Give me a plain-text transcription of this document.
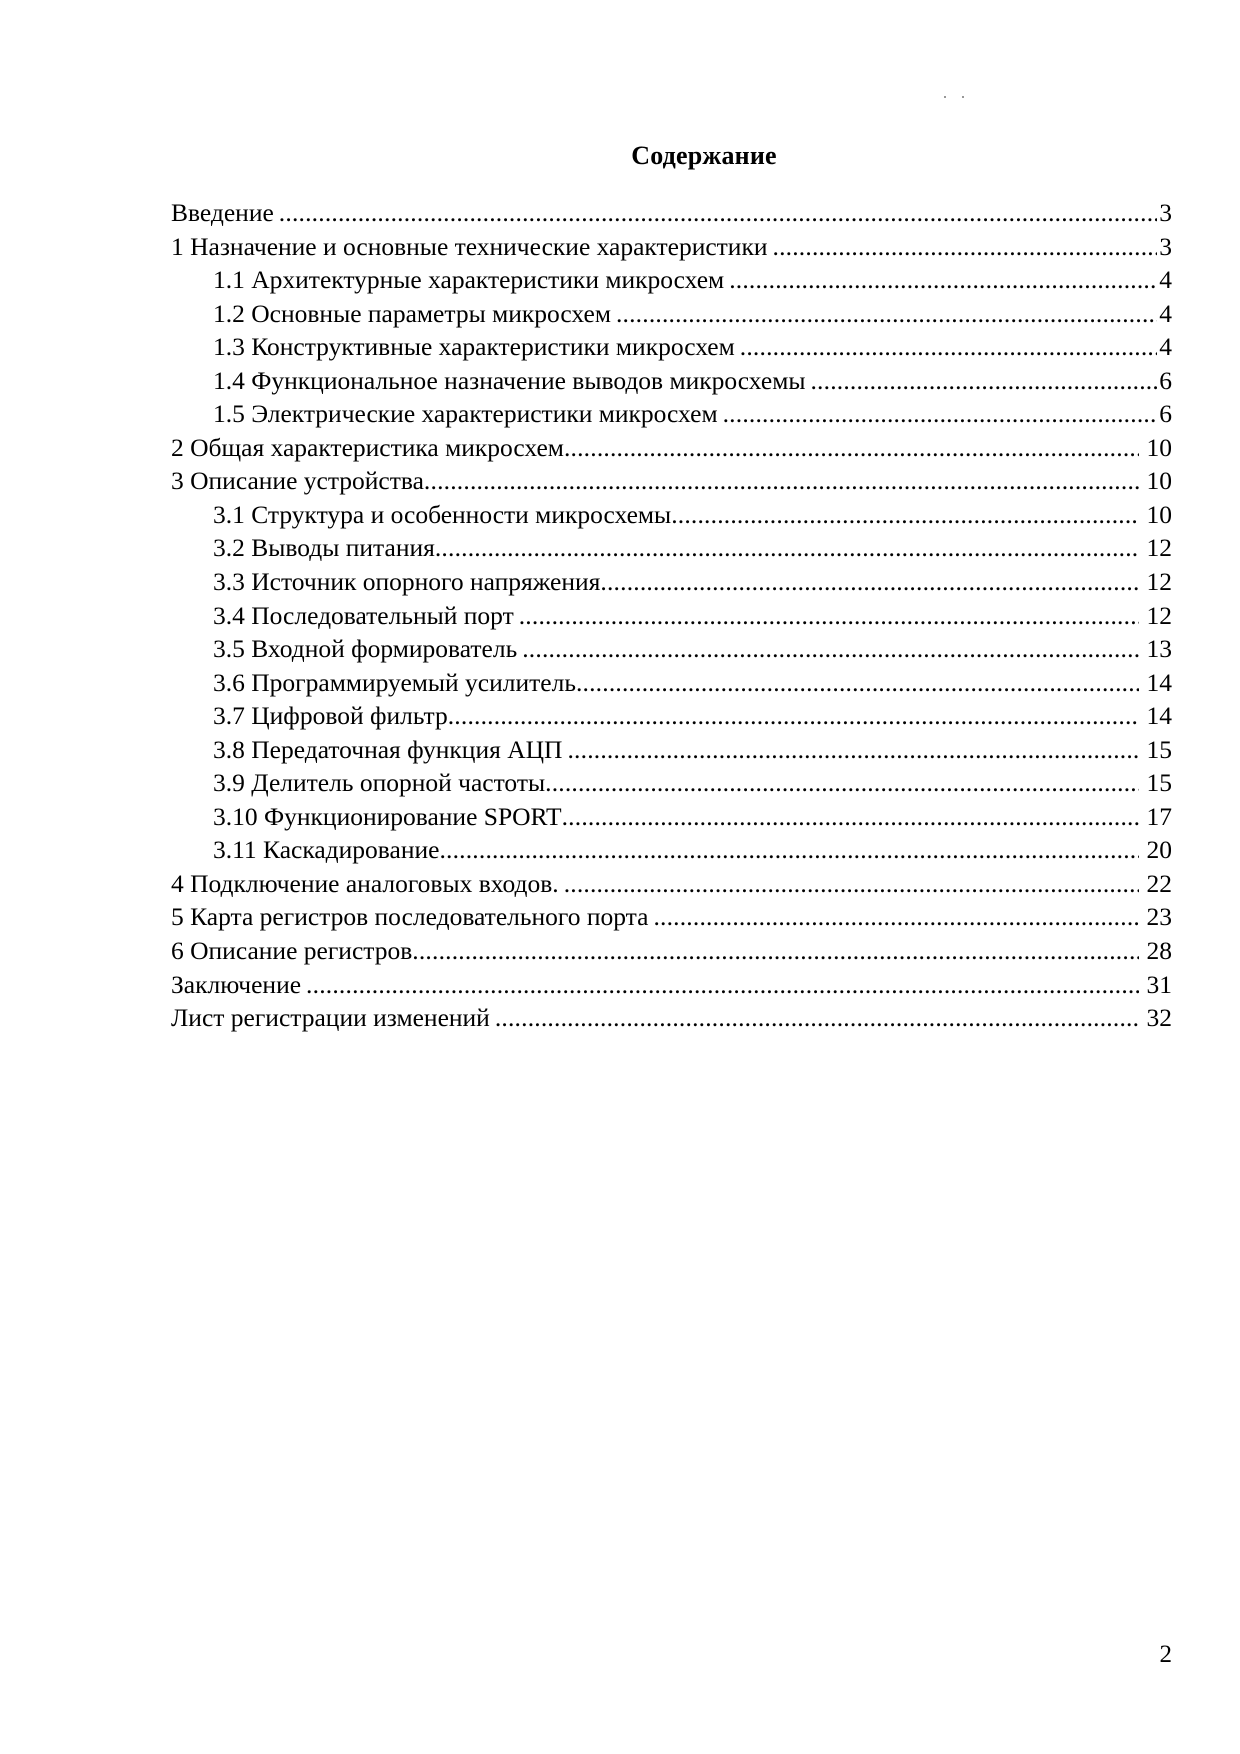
Содержание
Введение .....	3
1 Назначение и основные технические характеристики .....	3
1.1 Архитектурные характеристики микросхем .....	4
1.2 Основные параметры микросхем .....	4
1.3 Конструктивные характеристики микросхем .....	4
1.4 Функциональное назначение выводов микросхемы .....	6
1.5 Электрические характеристики микросхем .....	6
2 Общая характеристика микросхем .....	10
3 Описание устройства .....	10
3.1 Структура и особенности микросхемы .....	10
3.2 Выводы питания .....	12
3.3 Источник опорного напряжения .....	12
3.4 Последовательный порт .....	12
3.5 Входной формирователь .....	13
3.6 Программируемый усилитель .....	14
3.7 Цифровой фильтр .....	14
3.8 Передаточная функция АЦП .....	15
3.9 Делитель опорной частоты .....	15
3.10 Функционирование SPORT .....	17
3.11 Каскадирование .....	20
4 Подключение аналоговых входов. .....	22
5 Карта регистров последовательного порта .....	23
6 Описание регистров .....	28
Заключение .....	31
Лист регистрации изменений .....	32
2
